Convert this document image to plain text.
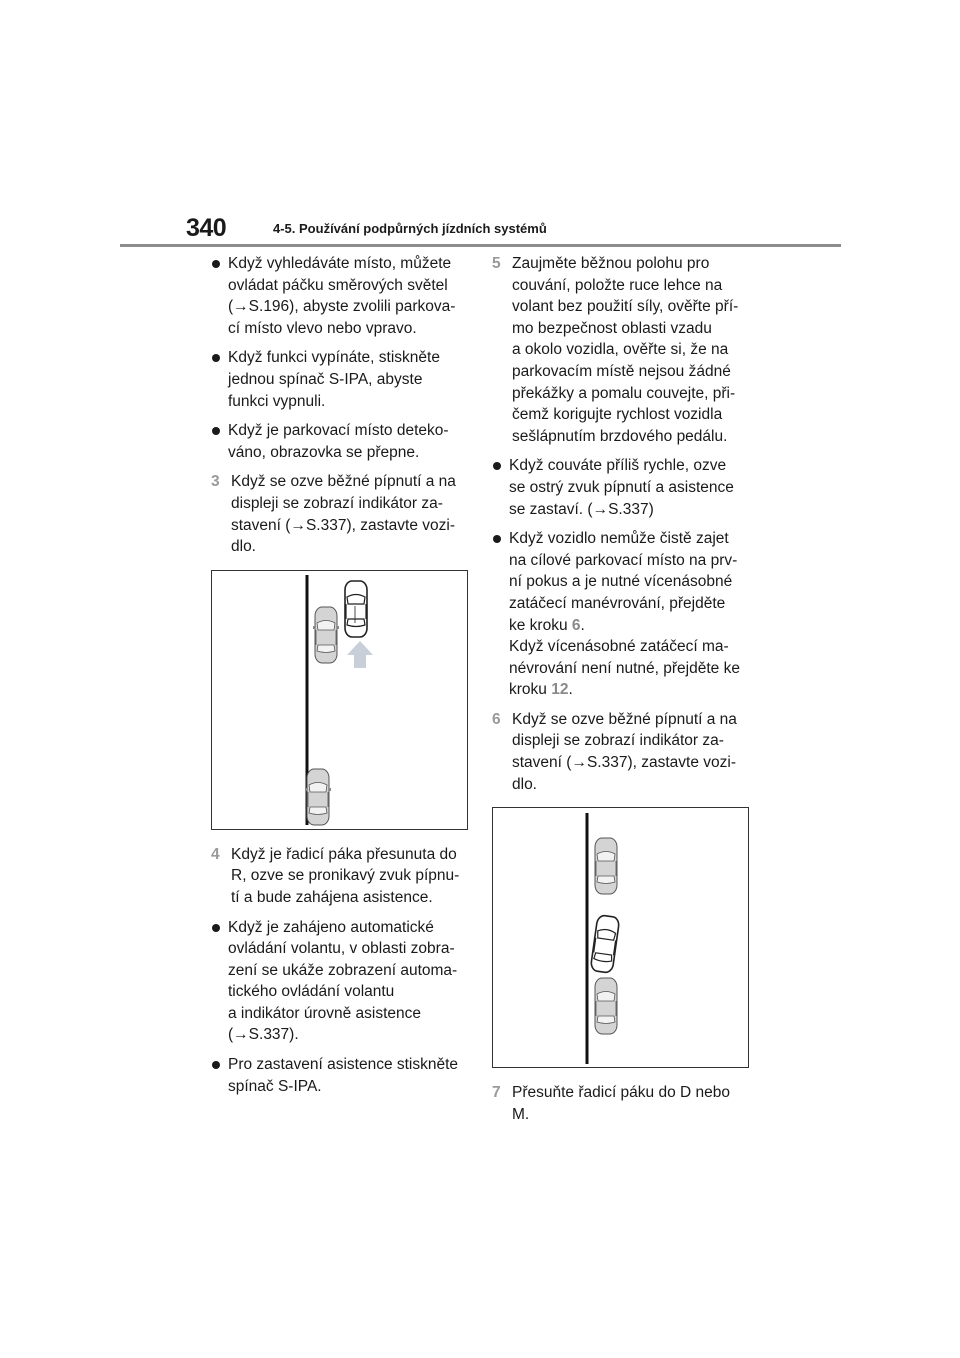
340	4-5. Používání podpůrných jízdních systémů
Když vyhledáváte místo, můžete
ovládat páčku směrových světel
(→S.196), abyste zvolili parkova-
cí místo vlevo nebo vpravo.
Když funkci vypínáte, stiskněte
jednou spínač S-IPA, abyste
funkci vypnuli.
Když je parkovací místo deteko-
váno, obrazovka se přepne.
3 Když se ozve běžné pípnutí a na
displeji se zobrazí indikátor za-
stavení (→S.337), zastavte vozi-
dlo.
4 Když je řadicí páka přesunuta do
R, ozve se pronikavý zvuk pípnu-
tí a bude zahájena asistence.
Když je zahájeno automatické
ovládání volantu, v oblasti zobra-
zení se ukáže zobrazení automa-
tického ovládání volantu
a indikátor úrovně asistence
(→S.337).
Pro zastavení asistence stiskněte
spínač S-IPA.
5 Zaujměte běžnou polohu pro
couvání, položte ruce lehce na
volant bez použití síly, ověřte pří-
mo bezpečnost oblasti vzadu
a okolo vozidla, ověřte si, že na
parkovacím místě nejsou žádné
překážky a pomalu couvejte, při-
čemž korigujte rychlost vozidla
sešlápnutím brzdového pedálu.
Když couváte příliš rychle, ozve
se ostrý zvuk pípnutí a asistence
se zastaví. (→S.337)
Když vozidlo nemůže čistě zajet
na cílové parkovací místo na prv-
ní pokus a je nutné vícenásobné
zatáčecí manévrování, přejděte
ke kroku 6.
Když vícenásobné zatáčecí ma-
névrování není nutné, přejděte ke
kroku 12.
6 Když se ozve běžné pípnutí a na
displeji se zobrazí indikátor za-
stavení (→S.337), zastavte vozi-
dlo.
7 Přesuňte řadicí páku do D nebo
M.
